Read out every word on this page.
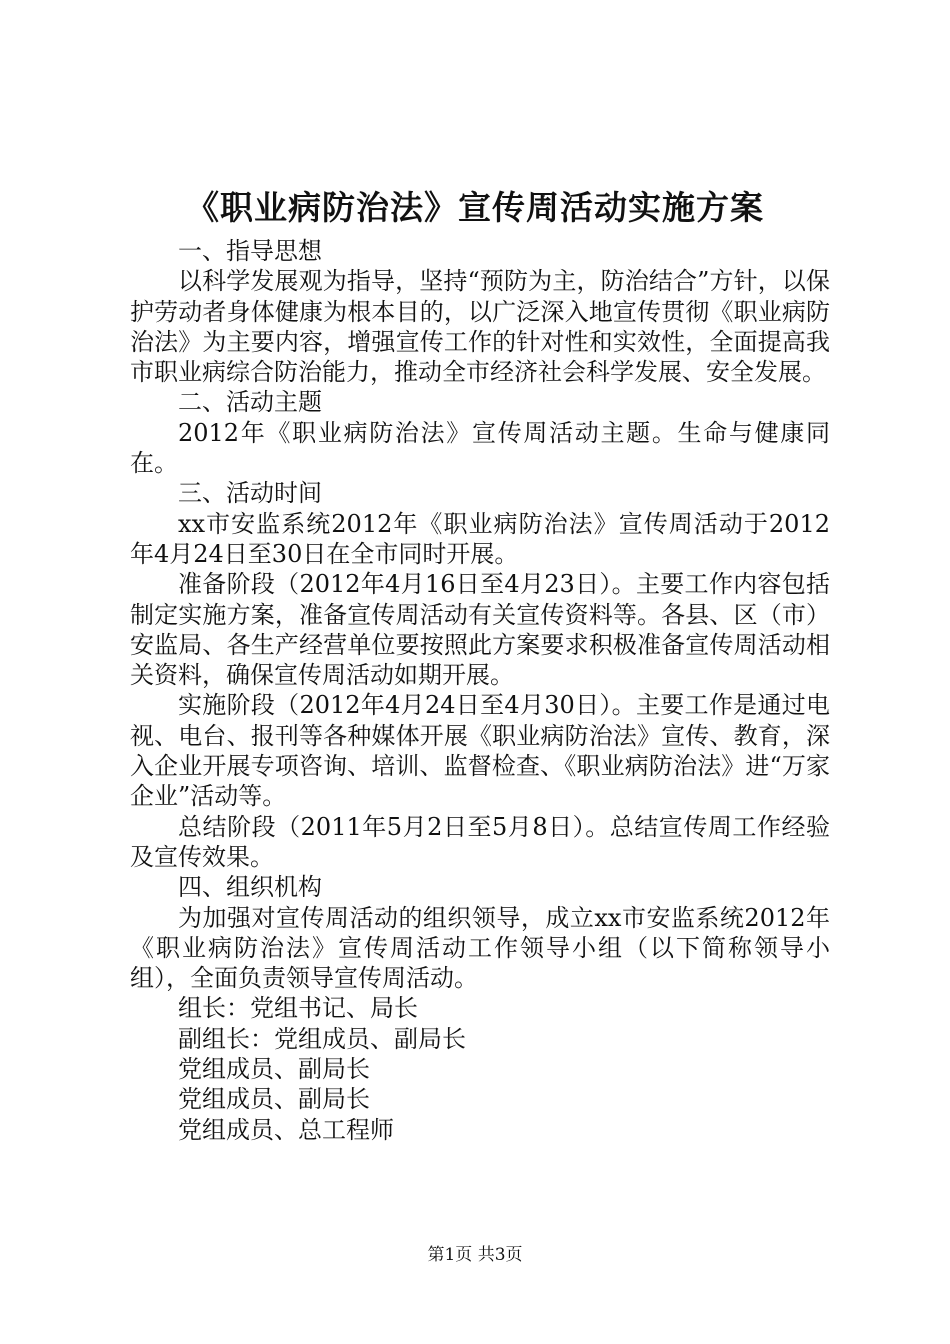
《职业病防治法》宣传周活动实施方案

一、指导思想

以科学发展观为指导，坚持“预防为主，防治结合”方针，以保护劳动者身体健康为根本目的，以广泛深入地宣传贯彻《职业病防治法》为主要内容，增强宣传工作的针对性和实效性，全面提高我市职业病综合防治能力，推动全市经济社会科学发展、安全发展。

二、活动主题

2012年《职业病防治法》宣传周活动主题。生命与健康同在。

三、活动时间

xx市安监系统2012年《职业病防治法》宣传周活动于2012年4月24日至30日在全市同时开展。

准备阶段（2012年4月16日至4月23日）。主要工作内容包括制定实施方案，准备宣传周活动有关宣传资料等。各县、区（市）安监局、各生产经营单位要按照此方案要求积极准备宣传周活动相关资料，确保宣传周活动如期开展。

实施阶段（2012年4月24日至4月30日）。主要工作是通过电视、电台、报刊等各种媒体开展《职业病防治法》宣传、教育，深入企业开展专项咨询、培训、监督检查、《职业病防治法》进“万家企业”活动等。

总结阶段（2011年5月2日至5月8日）。总结宣传周工作经验及宣传效果。

四、组织机构

为加强对宣传周活动的组织领导，成立xx市安监系统2012年《职业病防治法》宣传周活动工作领导小组（以下简称领导小组），全面负责领导宣传周活动。

组长：党组书记、局长

副组长：党组成员、副局长

党组成员、副局长

党组成员、副局长

党组成员、总工程师

第1页 共3页
